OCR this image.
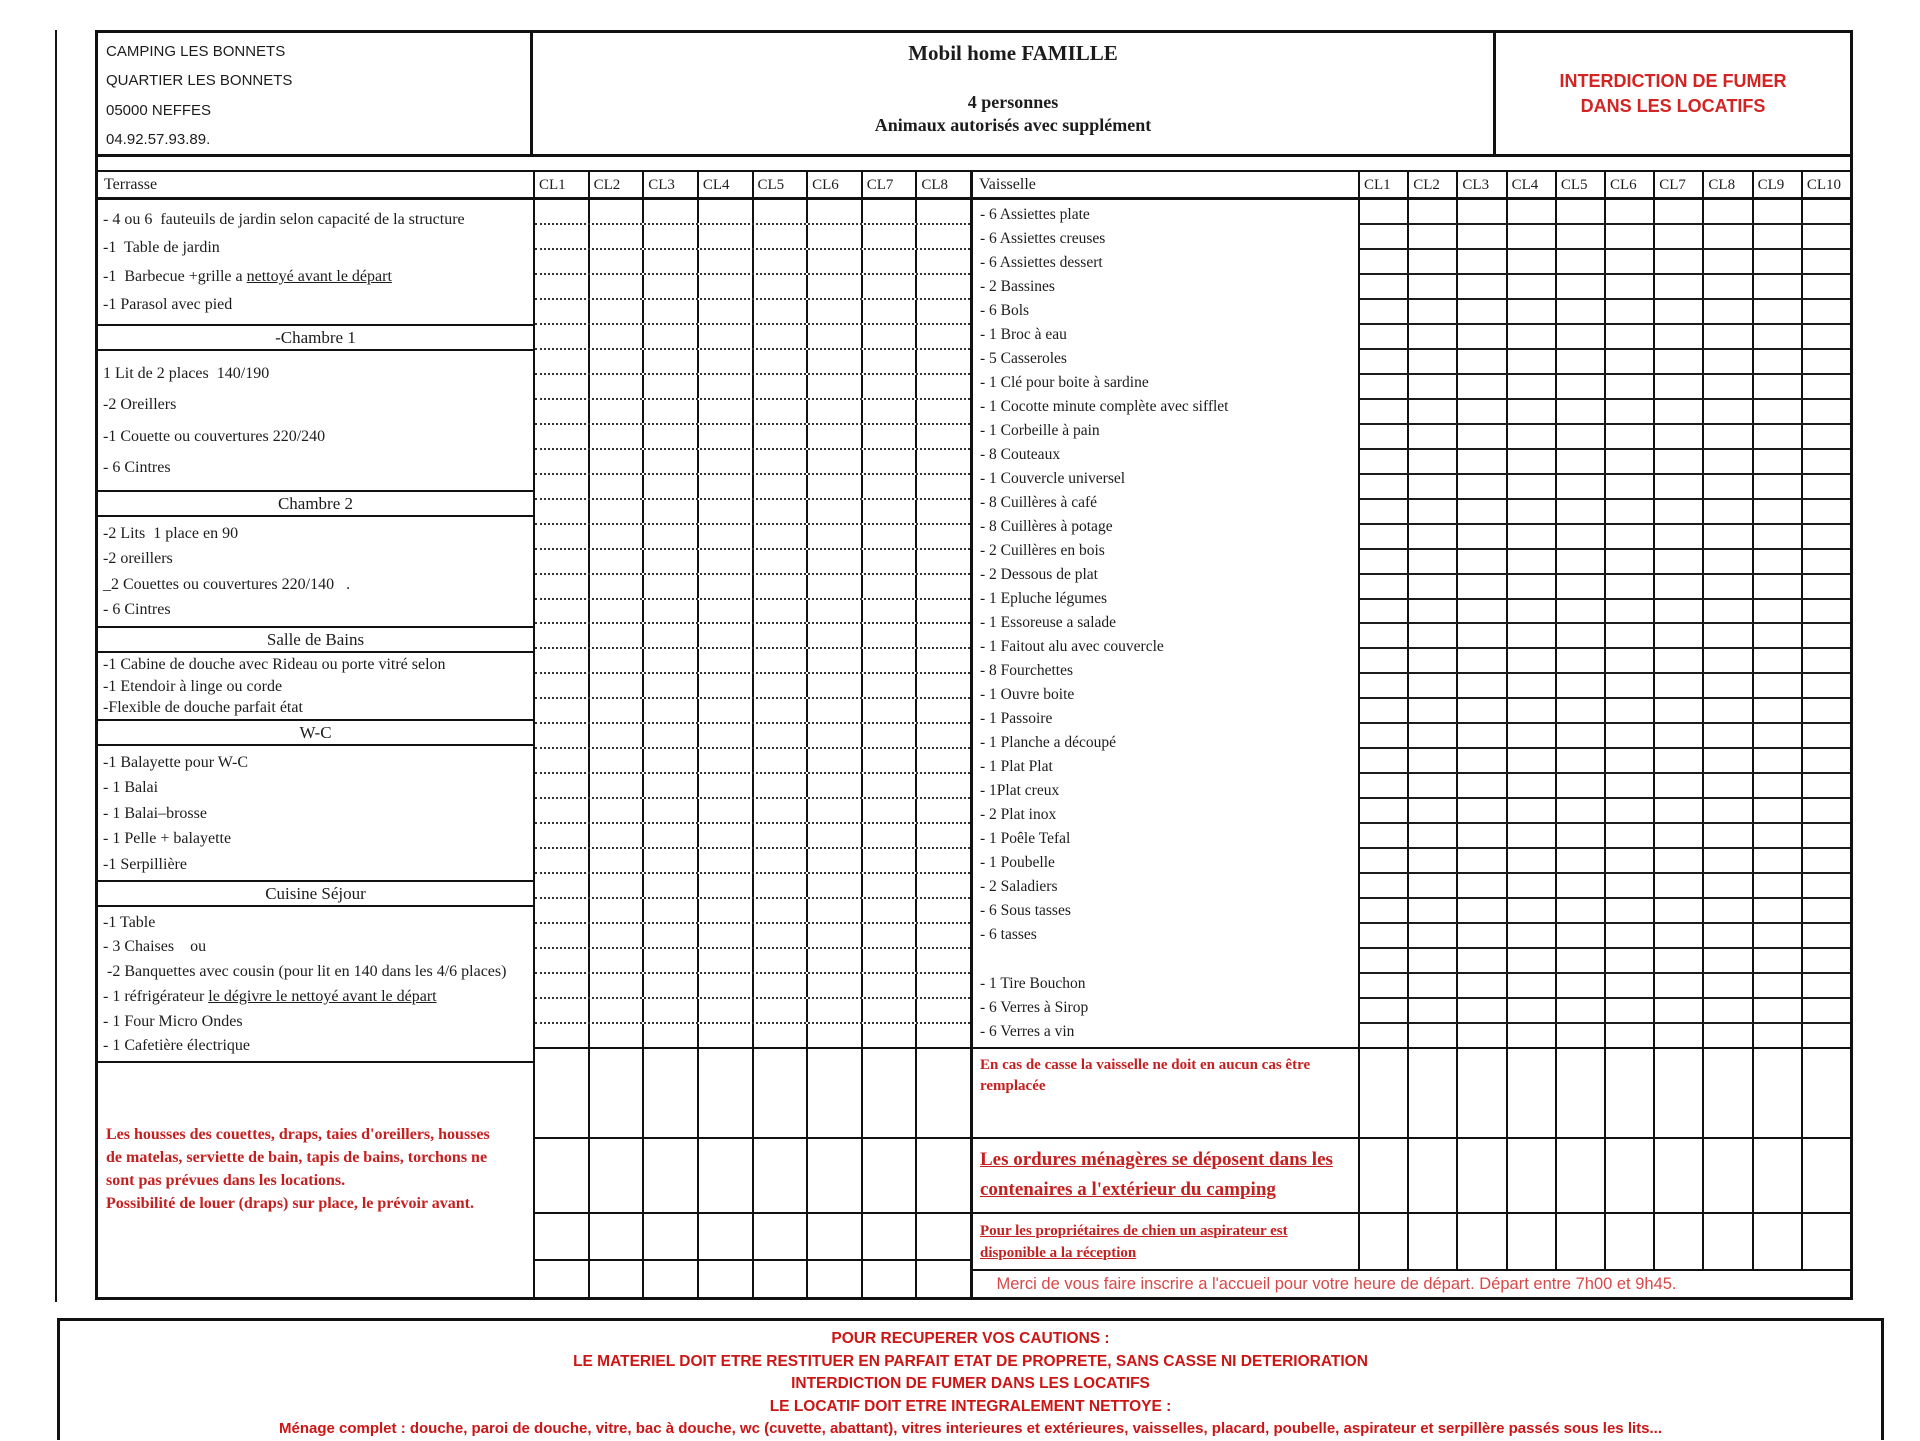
CAMPING LES BONNETS
QUARTIER LES BONNETS
05000 NEFFES
04.92.57.93.89.
Mobil home FAMILLE
4 personnes
Animaux autorisés avec supplément
INTERDICTION DE FUMER
DANS LES LOCATIFS
Terrasse	CL1	CL2	CL3	CL4	CL5	CL6	CL7	CL8	Vaisselle	CL1	CL2	CL3	CL4	CL5	CL6	CL7	CL8	CL9	CL10
- 4 ou 6  fauteuils de jardin selon capacité de la structure
-1  Table de jardin
-1  Barbecue +grille a nettoyé avant le départ
-1 Parasol avec pied
-Chambre 1
1 Lit de 2 places  140/190
-2 Oreillers
-1 Couette ou couvertures 220/240
- 6 Cintres
Chambre 2
-2 Lits  1 place en 90
-2 oreillers
_2 Couettes ou couvertures 220/140   .
- 6 Cintres
Salle de Bains
-1 Cabine de douche avec Rideau ou porte vitré selon
-1 Etendoir à linge ou corde
-Flexible de douche parfait état
W-C
-1 Balayette pour W-C
- 1 Balai
- 1 Balai–brosse
- 1 Pelle + balayette
-1 Serpillière
Cuisine Séjour
-1 Table
- 3 Chaises    ou
-2 Banquettes avec cousin (pour lit en 140 dans les 4/6 places)
- 1 réfrigérateur le dégivre le nettoyé avant le départ
- 1 Four Micro Ondes
- 1 Cafetière électrique
Les housses des couettes, draps, taies d'oreillers, housses
de matelas, serviette de bain, tapis de bains, torchons ne
sont pas prévues dans les locations.
Possibilité de louer (draps) sur place, le prévoir avant.
- 6 Assiettes plate
- 6 Assiettes creuses
- 6 Assiettes dessert
- 2 Bassines
- 6 Bols
- 1 Broc à eau
- 5 Casseroles
- 1 Clé pour boite à sardine
- 1 Cocotte minute complète avec sifflet
- 1 Corbeille à pain
- 8 Couteaux
- 1 Couvercle universel
- 8 Cuillères à café
- 8 Cuillères à potage
- 2 Cuillères en bois
- 2 Dessous de plat
- 1 Epluche légumes
- 1 Essoreuse a salade
- 1 Faitout alu avec couvercle
- 8 Fourchettes
- 1 Ouvre boite
- 1 Passoire
- 1 Planche a découpé
- 1 Plat Plat
- 1Plat creux
- 2 Plat inox
- 1 Poêle Tefal
- 1 Poubelle
- 2 Saladiers
- 6 Sous tasses
- 6 tasses

- 1 Tire Bouchon
- 6 Verres à Sirop
- 6 Verres a vin
En cas de casse la vaisselle ne doit en aucun cas être remplacée
Les ordures ménagères se déposent dans les contenaires a l'extérieur du camping
Pour les propriétaires de chien un aspirateur est disponible a la réception
Merci de vous faire inscrire a l'accueil pour votre heure de départ. Départ entre 7h00 et 9h45.
POUR RECUPERER VOS CAUTIONS :
LE MATERIEL DOIT ETRE RESTITUER EN PARFAIT ETAT DE PROPRETE, SANS CASSE NI DETERIORATION
INTERDICTION DE FUMER DANS LES LOCATIFS
LE LOCATIF DOIT ETRE INTEGRALEMENT NETTOYE :
Ménage complet : douche, paroi de douche, vitre, bac à douche, wc (cuvette, abattant), vitres interieures et extérieures, vaisselles, placard, poubelle, aspirateur et serpillère passés sous les lits...
